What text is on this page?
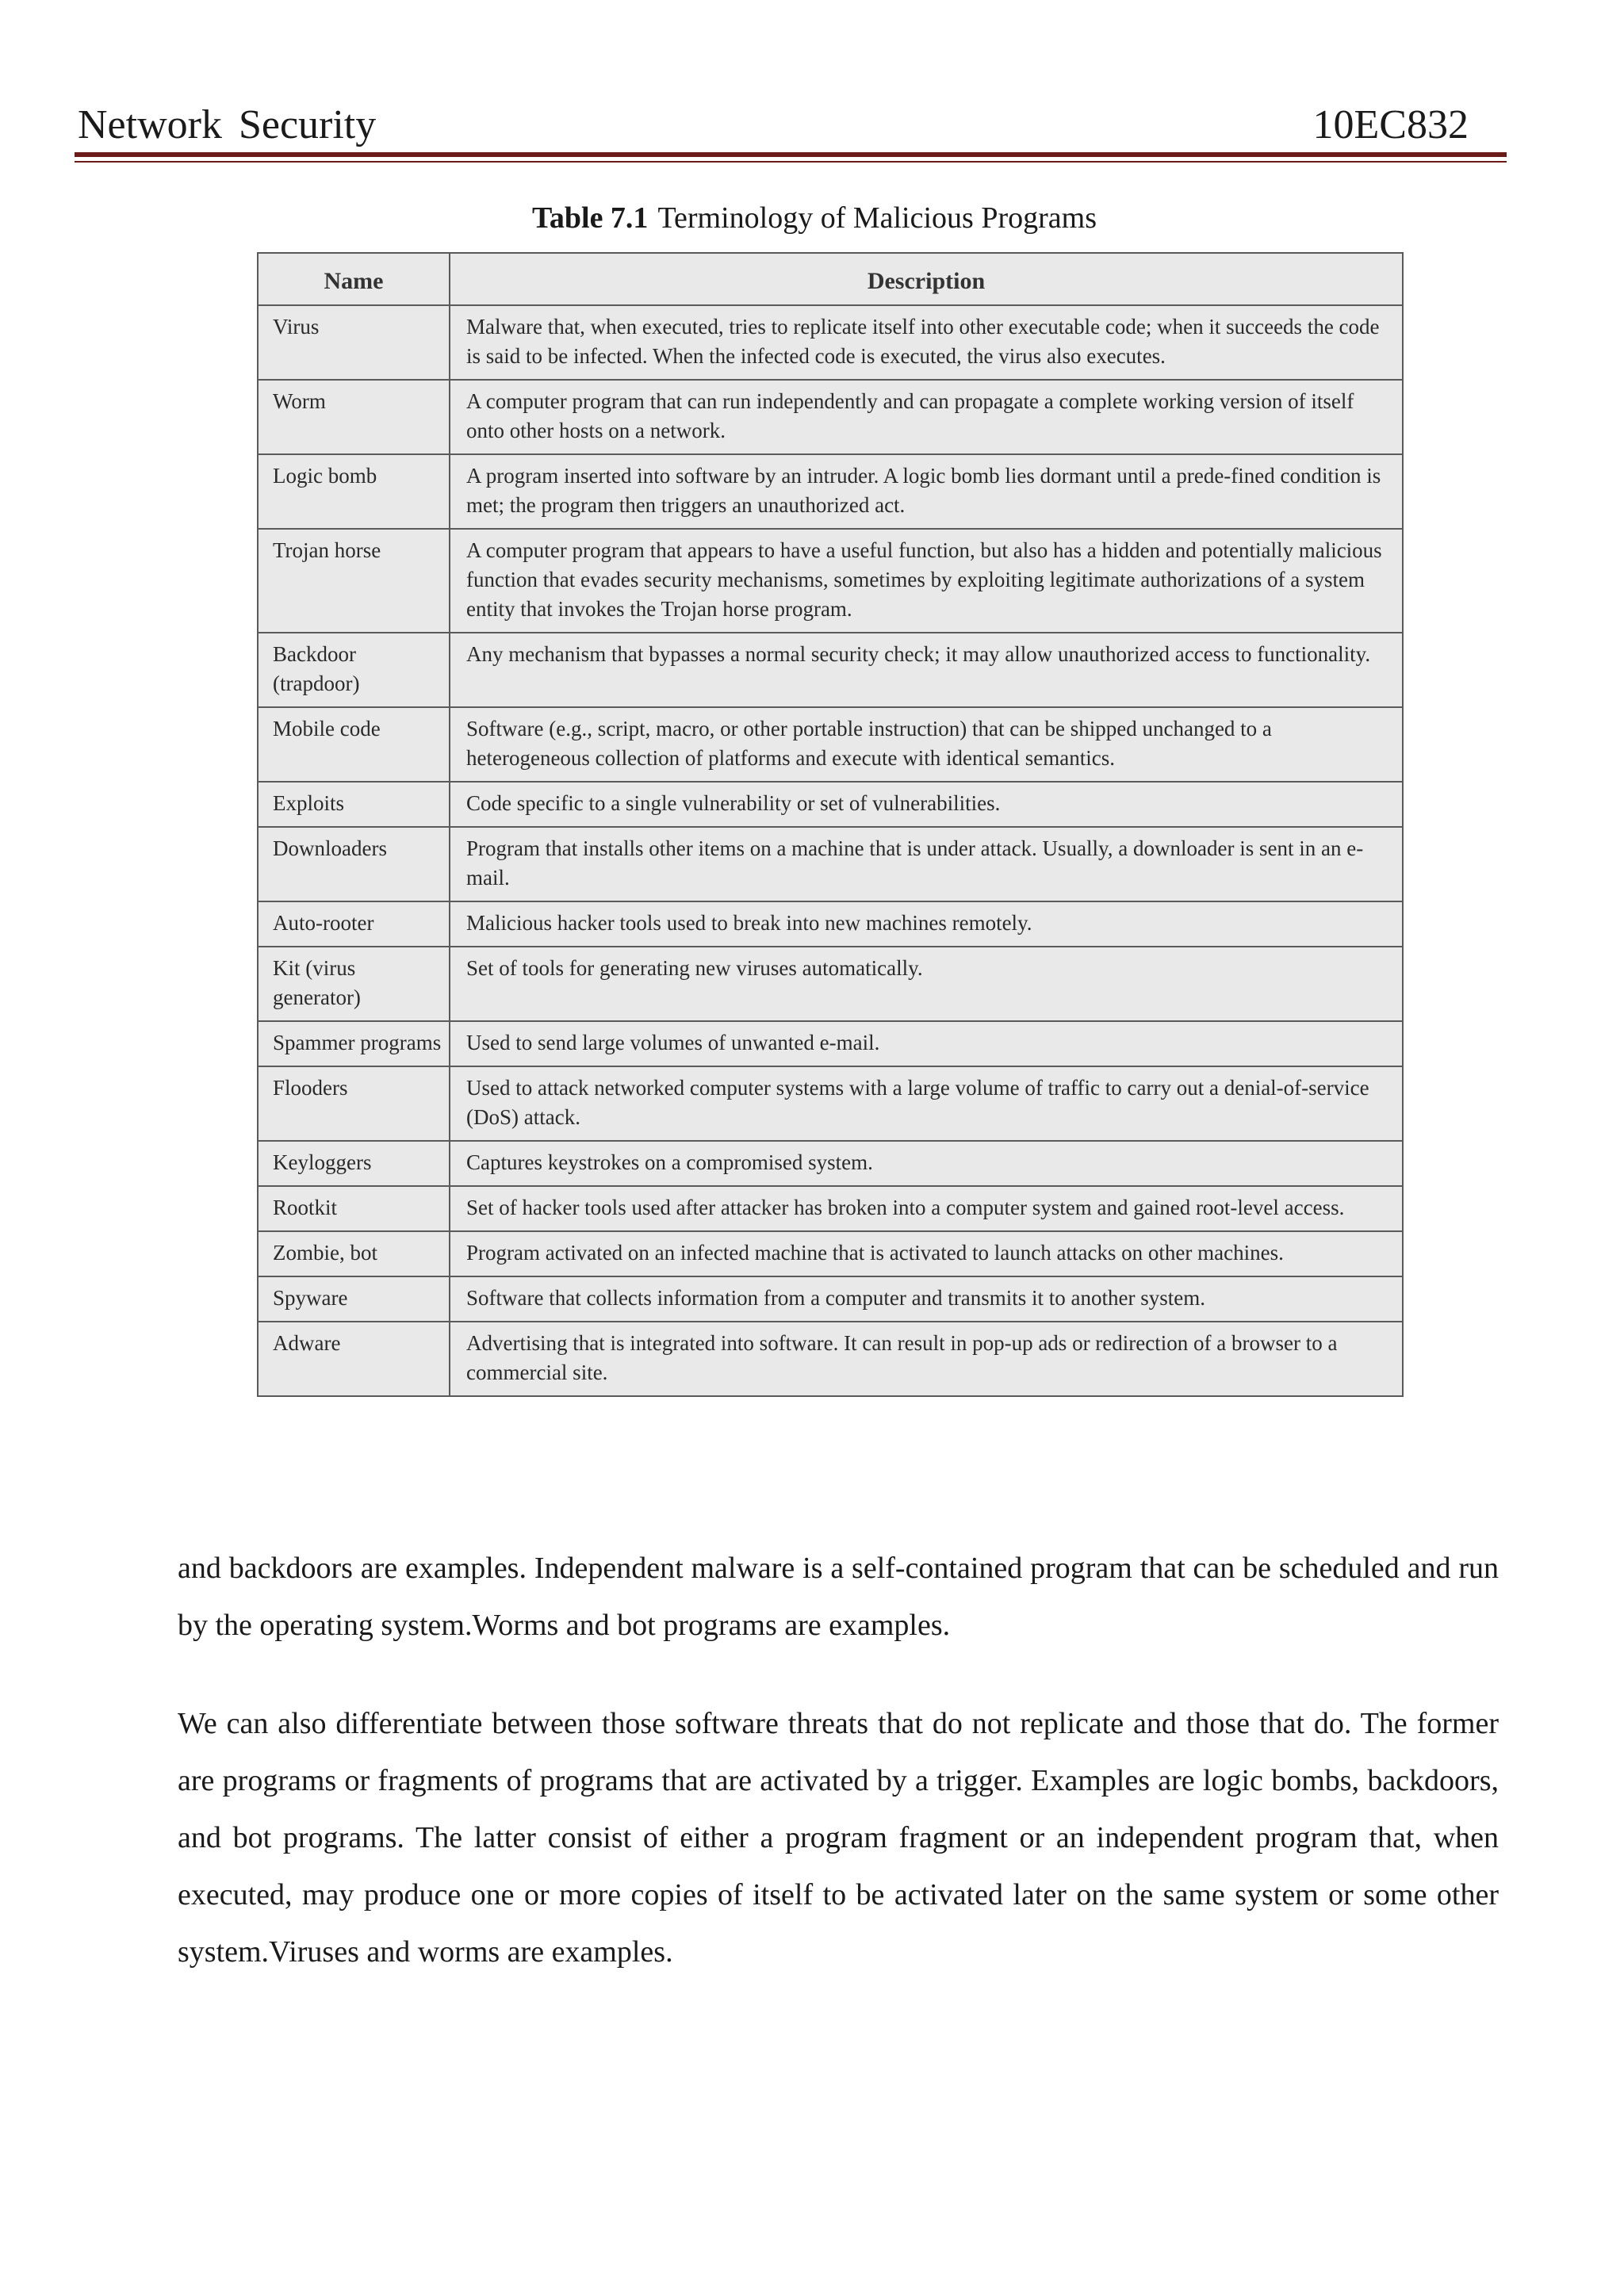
Network Security	10EC832
Table 7.1 Terminology of Malicious Programs
Name	Description
Virus	Malware that, when executed, tries to replicate itself into other executable code; when it succeeds the code is said to be infected. When the infected code is executed, the virus also executes.
Worm	A computer program that can run independently and can propagate a complete working version of itself onto other hosts on a network.
Logic bomb	A program inserted into software by an intruder. A logic bomb lies dormant until a prede-fined condition is met; the program then triggers an unauthorized act.
Trojan horse	A computer program that appears to have a useful function, but also has a hidden and potentially malicious function that evades security mechanisms, sometimes by exploiting legitimate authorizations of a system entity that invokes the Trojan horse program.
Backdoor (trapdoor)	Any mechanism that bypasses a normal security check; it may allow unauthorized access to functionality.
Mobile code	Software (e.g., script, macro, or other portable instruction) that can be shipped unchanged to a heterogeneous collection of platforms and execute with identical semantics.
Exploits	Code specific to a single vulnerability or set of vulnerabilities.
Downloaders	Program that installs other items on a machine that is under attack. Usually, a downloader is sent in an e-mail.
Auto-rooter	Malicious hacker tools used to break into new machines remotely.
Kit (virus generator)	Set of tools for generating new viruses automatically.
Spammer programs	Used to send large volumes of unwanted e-mail.
Flooders	Used to attack networked computer systems with a large volume of traffic to carry out a denial-of-service (DoS) attack.
Keyloggers	Captures keystrokes on a compromised system.
Rootkit	Set of hacker tools used after attacker has broken into a computer system and gained root-level access.
Zombie, bot	Program activated on an infected machine that is activated to launch attacks on other machines.
Spyware	Software that collects information from a computer and transmits it to another system.
Adware	Advertising that is integrated into software. It can result in pop-up ads or redirection of a browser to a commercial site.

and backdoors are examples. Independent malware is a self-contained program that can be scheduled and run by the operating system.Worms and bot programs are examples.

We can also differentiate between those software threats that do not replicate and those that do. The former are programs or fragments of programs that are activated by a trigger. Examples are logic bombs, backdoors, and bot programs. The latter consist of either a program fragment or an independent program that, when executed, may produce one or more copies of itself to be activated later on the same system or some other system.Viruses and worms are examples.
